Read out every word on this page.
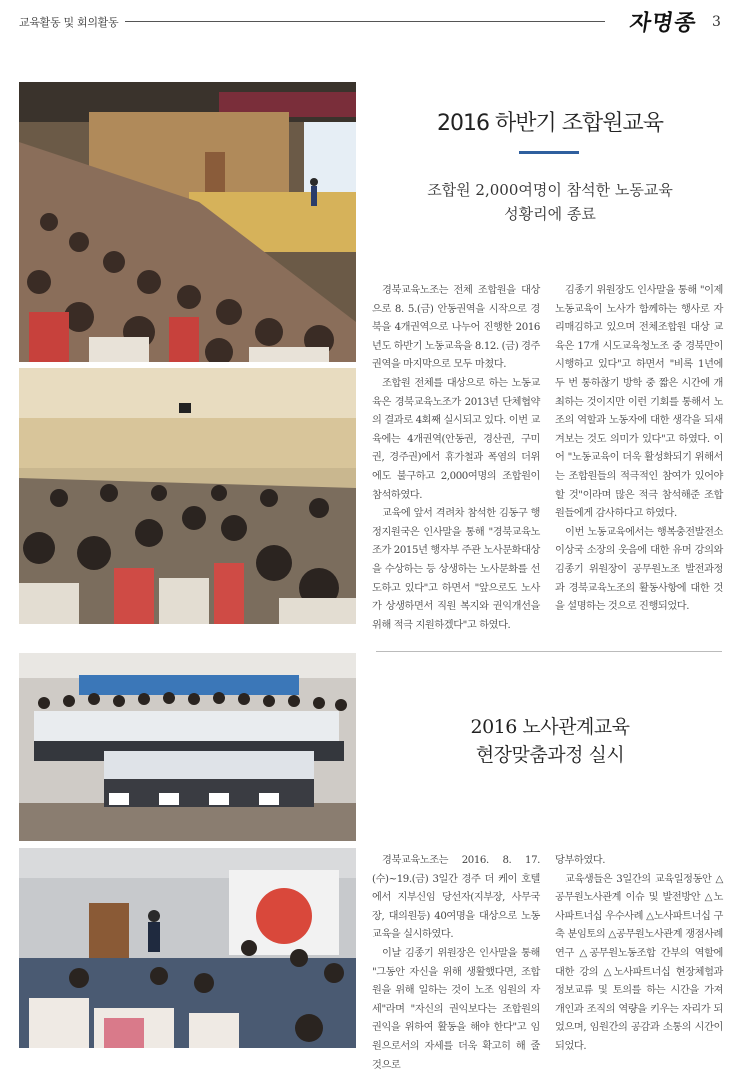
교육활동 및 회의활동	자명종 3
2016 하반기 조합원교육
조합원 2,000여명이 참석한 노동교육
성황리에 종료

경북교육노조는 전체 조합원을 대상으로 8. 5.(금) 안동권역을 시작으로 경북을 4개권역으로 나누어 진행한 2016년도 하반기 노동교육을 8.12. (금) 경주권역을 마지막으로 모두 마쳤다.

조합원 전체를 대상으로 하는 노동교육은 경북교육노조가 2013년 단체협약의 결과로 4회째 실시되고 있다. 이번 교육에는 4개권역(안동권, 경산권, 구미권, 경주권)에서 휴가철과 폭염의 더위에도 불구하고 2,000여명의 조합원이 참석하였다.

교육에 앞서 격려차 참석한 김동구 행정지원국은 인사말을 통해 "경북교육노조가 2015년 행자부 주관 노사문화대상을 수상하는 등 상생하는 노사문화를 선도하고 있다"고 하면서 "앞으로도 노사가 상생하면서 직원 복지와 권익개선을 위해 적극 지원하겠다"고 하였다.

김종기 위원장도 인사말을 통해 "이제 노동교육이 노사가 함께하는 행사로 자리매김하고 있으며 전체조합원 대상 교육은 17개 시도교육청노조 중 경북만이 시행하고 있다"고 하면서 "비록 1년에 두 번 통하찮기 방학 중 짧은 시간에 개최하는 것이지만 이런 기회를 통해서 노조의 역할과 노동자에 대한 생각을 되새겨보는 것도 의미가 있다"고 하였다. 이어 "노동교육이 더욱 활성화되기 위해서는 조합원들의 적극적인 참여가 있어야 할 것"이라며 많은 적극 참석해준 조합원들에게 감사하다고 하였다.

이번 노동교육에서는 행복충전발전소 이상국 소장의 웃음에 대한 유머 강의와 김종기 위원장이 공무원노조 발전과정과 경북교육노조의 활동사항에 대한 것을 설명하는 것으로 진행되었다.

2016 노사관계교육
현장맞춤과정 실시

경북교육노조는 2016. 8. 17.(수)~19.(금) 3일간 경주 더 케이 호텔에서 지부신임 당선자(지부장, 사무국장, 대의원등) 40여명을 대상으로 노동교육을 실시하였다.

이날 김종기 위원장은 인사말을 통해 "그동안 자신을 위해 생활했다면, 조합원을 위해 일하는 것이 노조 임원의 자세"라며 "자신의 권익보다는 조합원의 권익을 위하여 활동을 해야 한다"고 임원으로서의 자세를 더욱 확고히 해 줄 것으로

당부하였다.

교육생들은 3일간의 교육일정동안 △공무원노사관계 이슈 및 발전방안 △노사파트너십 우수사례 △노사파트너십 구축 분임토의 △공무원노사관계 쟁점사례연구 △공무원노동조합 간부의 역할에 대한 강의 △노사파트너십 현장체험과 정보교류 및 토의를 하는 시간을 가져 개인과 조직의 역량을 키우는 자리가 되었으며, 임원간의 공감과 소통의 시간이 되었다.
